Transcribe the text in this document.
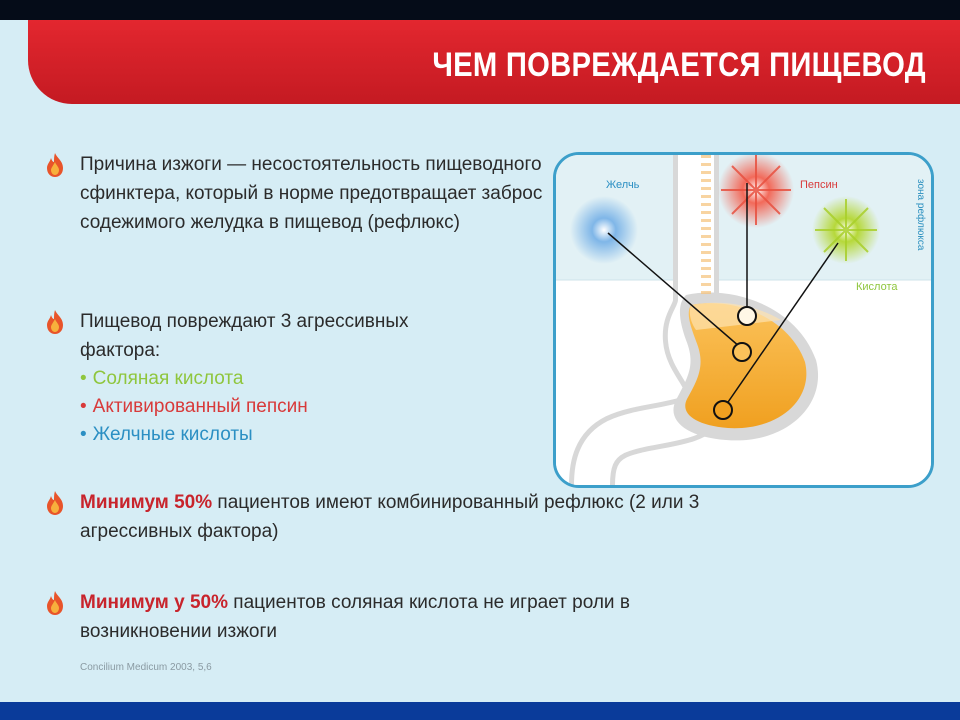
ЧЕМ ПОВРЕЖДАЕТСЯ ПИЩЕВОД
Причина изжоги — несостоятельность пищеводного сфинктера, который в норме предотвращает заброс содежимого желудка в пищевод (рефлюкс)
Пищевод повреждают 3 агрессивных фактора:
• Соляная кислота
• Активированный пепсин
• Желчные кислоты
Минимум 50% пациентов имеют комбинированный рефлюкс (2 или 3 агрессивных фактора)
Минимум у 50% пациентов соляная кислота не играет роли в возникновении изжоги
Желчь	Пепсин
Кислота
зона рефлюкса
Concilium Medicum 2003, 5,6
